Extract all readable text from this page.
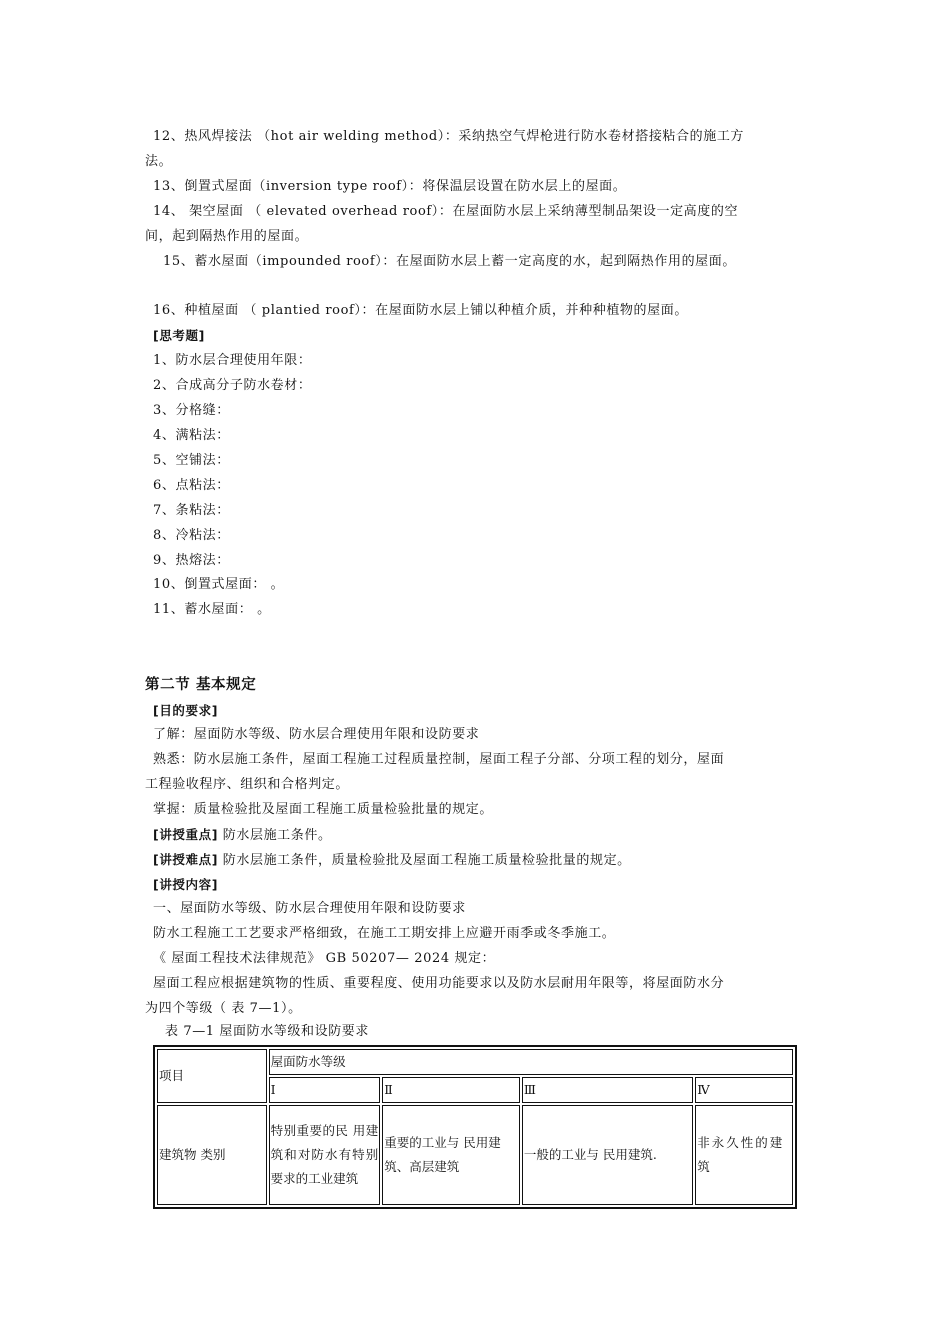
12、热风焊接法 （hot air welding method）：采纳热空气焊枪进行防水卷材搭接粘合的施工方
法。
13、倒置式屋面（inversion type roof）：将保温层设置在防水层上的屋面。
14、 架空屋面 （ elevated overhead roof）：在屋面防水层上采纳薄型制品架设一定高度的空
间，起到隔热作用的屋面。
15、蓄水屋面（impounded roof）：在屋面防水层上蓄一定高度的水，起到隔热作用的屋面。
16、种植屋面 （ plantied roof）：在屋面防水层上铺以种植介质，并种种植物的屋面。
[思考题]
1、防水层合理使用年限：
2、合成高分子防水卷材：
3、分格缝：
4、满粘法：
5、空铺法：
6、点粘法：
7、条粘法：
8、冷粘法：
9、热熔法：
10、倒置式屋面： 。
11、蓄水屋面： 。
第二节 基本规定
[目的要求]
了解：屋面防水等级、防水层合理使用年限和设防要求
熟悉：防水层施工条件，屋面工程施工过程质量控制，屋面工程子分部、分项工程的划分，屋面
工程验收程序、组织和合格判定。
掌握：质量检验批及屋面工程施工质量检验批量的规定。
[讲授重点] 防水层施工条件。
[讲授难点] 防水层施工条件，质量检验批及屋面工程施工质量检验批量的规定。
[讲授内容]
一、屋面防水等级、防水层合理使用年限和设防要求
防水工程施工工艺要求严格细致，在施工工期安排上应避开雨季或冬季施工。
《 屋面工程技术法律规范》 GB 50207— 2024 规定：
屋面工程应根据建筑物的性质、重要程度、使用功能要求以及防水层耐用年限等，将屋面防水分
为四个等级（ 表 7—1）。
表 7—1 屋面防水等级和设防要求
项目	屋面防水等级			
	I	Ⅱ	Ⅲ	Ⅳ
建筑物 类别	特别重要的民 用建筑和对防水有特别要求的工业建筑	重要的工业与 民用建筑、高层建筑	一般的工业与 民用建筑.	非永久性的建筑
